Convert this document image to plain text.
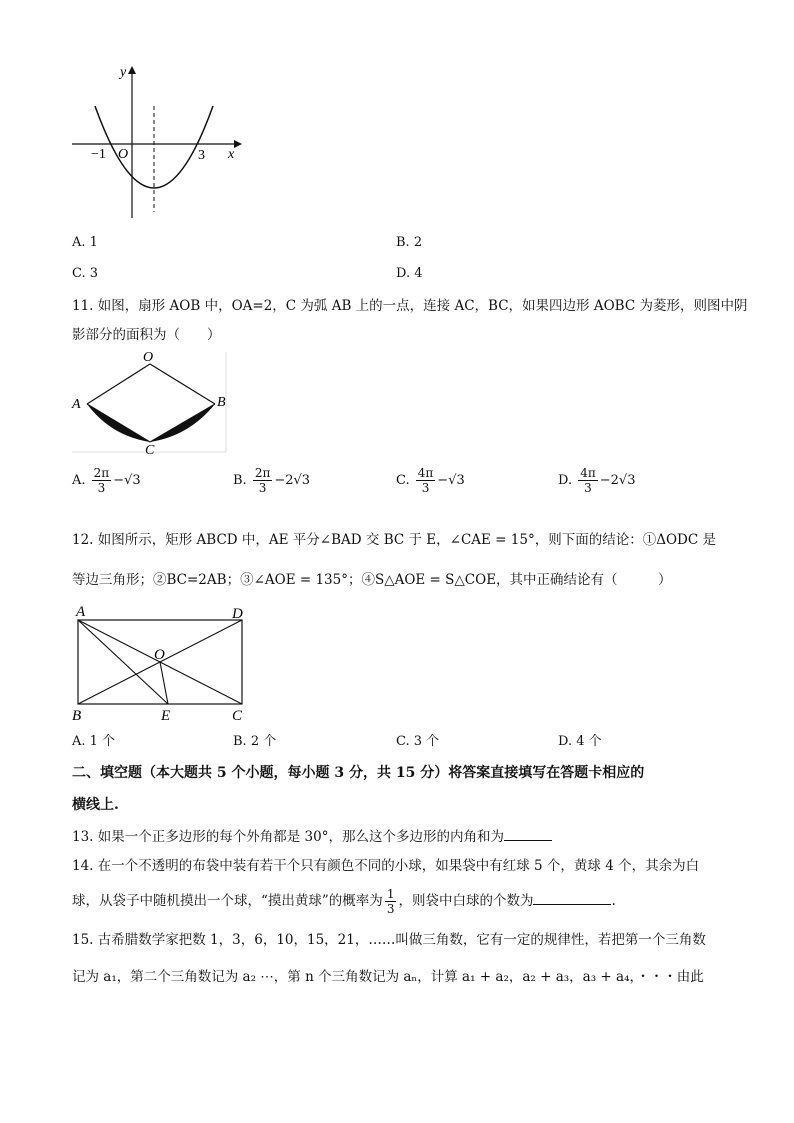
y
x
O
−1	3
A. 1	B. 2
C. 3	D. 4
11. 如图，扇形 AOB 中，OA=2，C 为弧 AB 上的一点，连接 AC，BC，如果四边形 AOBC 为菱形，则图中阴
影部分的面积为（　　）
O
A	B
C
A. $\frac{2\pi}{3} -√3$	B. $\frac{2\pi}{3} -2√3$	C. $\frac{4\pi}{3} -√3$	D. $\frac{4\pi}{3} -2√3$
12. 如图所示，矩形 ABCD 中，AE 平分∠BAD 交 BC 于 E，∠CAE = 15°，则下面的结论：①ΔODC 是
等边三角形；②BC=2AB；③∠AOE = 135°；④S△AOE = S△COE，其中正确结论有（　　　）
A	D
O
B	E	C
A. 1 个	B. 2 个	C. 3 个	D. 4 个
二、填空题（本大题共 5 个小题，每小题 3 分，共 15 分）将答案直接填写在答题卡相应的
横线上.
13. 如果一个正多边形的每个外角都是 30°，那么这个多边形的内角和为
14. 在一个不透明的布袋中装有若干个只有颜色不同的小球，如果袋中有红球 5 个，黄球 4 个，其余为白
球，从袋子中随机摸出一个球，“摸出黄球”的概率为 $\frac{1}{3}$ ，则袋中白球的个数为	.
15. 古希腊数学家把数 1，3，6，10，15，21，……叫做三角数，它有一定的规律性，若把第一个三角数
记为 a₁，第二个三角数记为 a₂ ⋯，第 n 个三角数记为 aₙ，计算 a₁ + a₂，a₂ + a₃，a₃ + a₄，・・・由此
